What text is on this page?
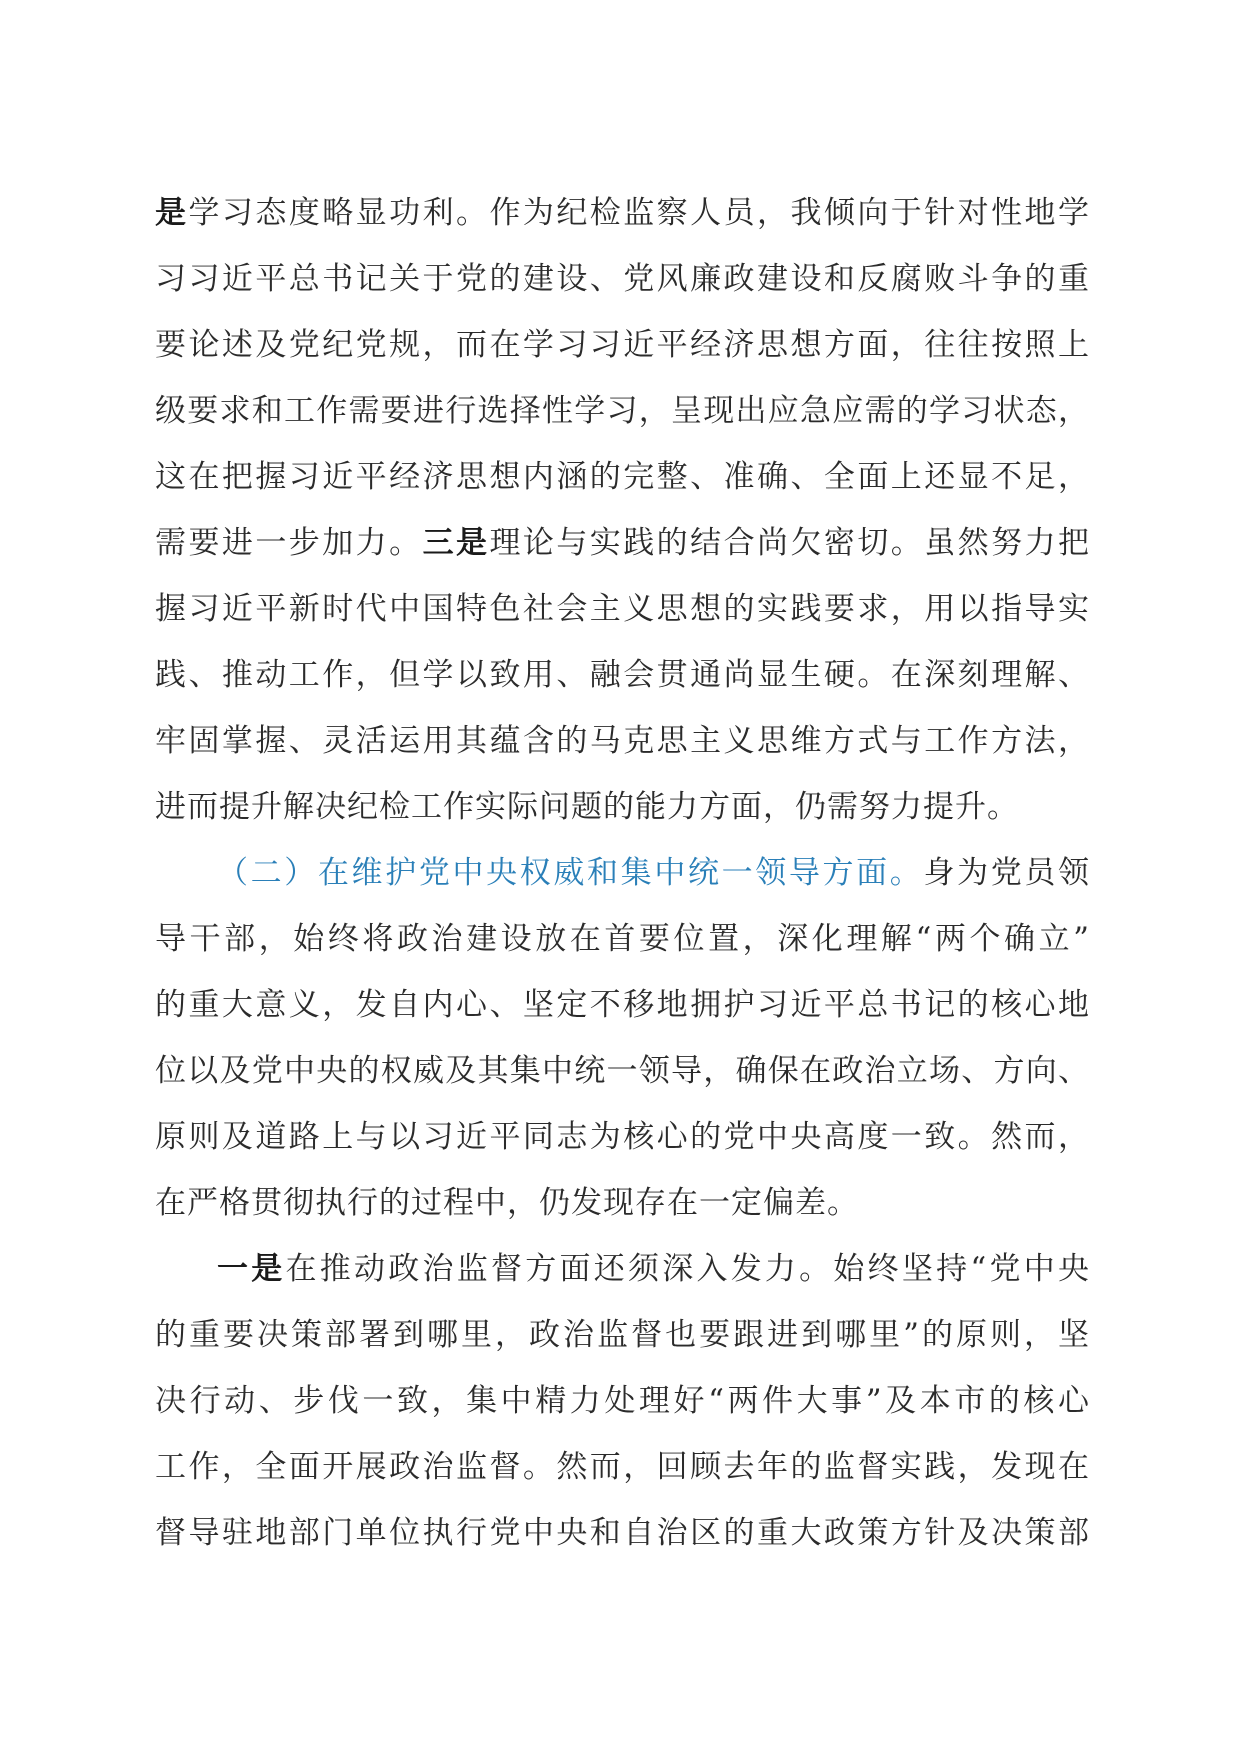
是学习态度略显功利。作为纪检监察人员，我倾向于针对性地学
习习近平总书记关于党的建设、党风廉政建设和反腐败斗争的重
要论述及党纪党规，而在学习习近平经济思想方面，往往按照上
级要求和工作需要进行选择性学习，呈现出应急应需的学习状态，
这在把握习近平经济思想内涵的完整、准确、全面上还显不足，
需要进一步加力。三是理论与实践的结合尚欠密切。虽然努力把
握习近平新时代中国特色社会主义思想的实践要求，用以指导实
践、推动工作，但学以致用、融会贯通尚显生硬。在深刻理解、
牢固掌握、灵活运用其蕴含的马克思主义思维方式与工作方法，
进而提升解决纪检工作实际问题的能力方面，仍需努力提升。
（二）在维护党中央权威和集中统一领导方面。身为党员领
导干部，始终将政治建设放在首要位置，深化理解“两个确立”
的重大意义，发自内心、坚定不移地拥护习近平总书记的核心地
位以及党中央的权威及其集中统一领导，确保在政治立场、方向、
原则及道路上与以习近平同志为核心的党中央高度一致。然而，
在严格贯彻执行的过程中，仍发现存在一定偏差。
一是在推动政治监督方面还须深入发力。始终坚持“党中央
的重要决策部署到哪里，政治监督也要跟进到哪里”的原则，坚
决行动、步伐一致，集中精力处理好“两件大事”及本市的核心
工作，全面开展政治监督。然而，回顾去年的监督实践，发现在
督导驻地部门单位执行党中央和自治区的重大政策方针及决策部
